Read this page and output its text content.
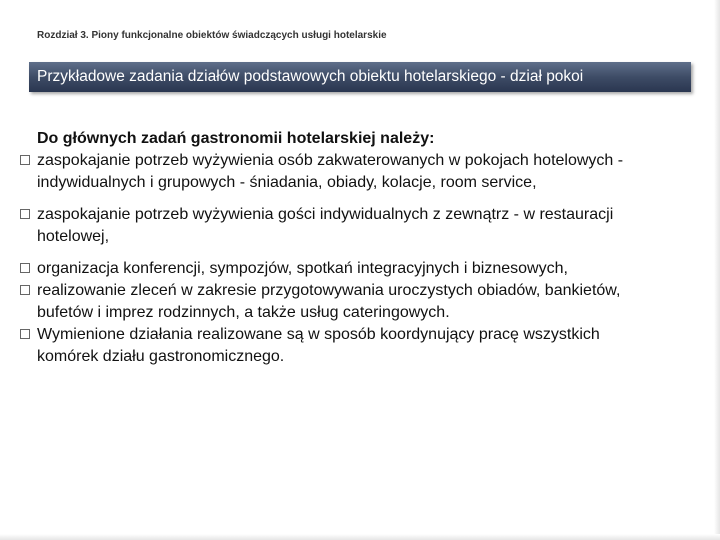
Rozdział 3. Piony funkcjonalne obiektów świadczących usługi hotelarskie
Przykładowe zadania działów podstawowych obiektu hotelarskiego - dział pokoi
Do głównych zadań gastronomii hotelarskiej należy:
zaspokajanie potrzeb wyżywienia osób zakwaterowanych w pokojach hotelowych - indywidualnych i grupowych - śniadania, obiady, kolacje, room service,
zaspokajanie potrzeb wyżywienia gości indywidualnych z zewnątrz - w restauracji hotelowej,
organizacja konferencji, sympozjów, spotkań integracyjnych i biznesowych,
realizowanie zleceń w zakresie przygotowywania uroczystych obiadów, bankietów, bufetów i imprez rodzinnych, a także usług cateringowych.
Wymienione działania realizowane są w sposób koordynujący pracę wszystkich komórek działu gastronomicznego.
